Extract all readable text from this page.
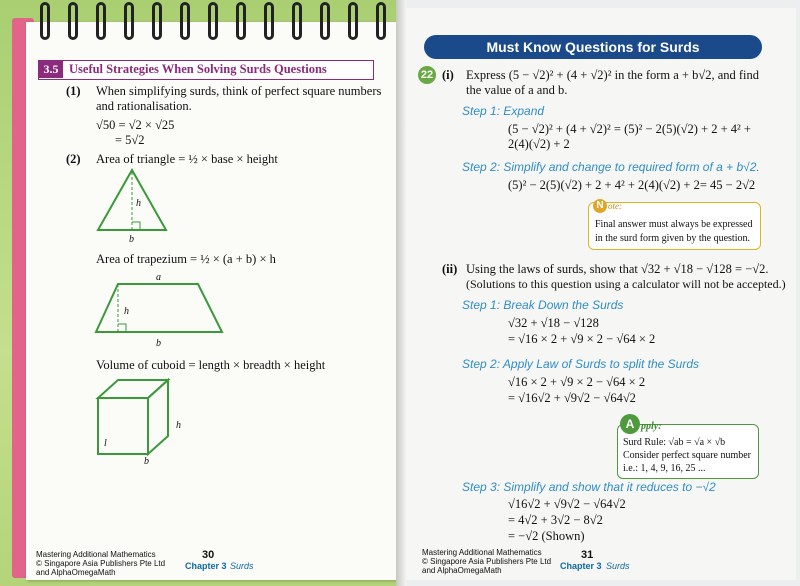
3.5 Useful Strategies When Solving Surds Questions
(1) When simplifying surds, think of perfect square numbers
and rationalisation.
√50 = √2 × √25
= 5√2
(2) Area of triangle = ½ × base × height
h
b
Area of trapezium = ½ × (a + b) × h
a
h
b
Volume of cuboid = length × breadth × height
h
l
b
Mastering Additional Mathematics
© Singapore Asia Publishers Pte Ltd
and AlphaOmegaMath
30
Chapter 3 Surds
Must Know Questions for Surds
22 (i) Express (5 − √2)² + (4 + √2)² in the form a + b√2, and find
the value of a and b.
Step 1: Expand
(5 − √2)² + (4 + √2)² = (5)² − 2(5)(√2) + 2 + 4² +
2(4)(√2) + 2
Step 2: Simplify and change to required form of a + b√2.
(5)² − 2(5)(√2) + 2 + 4² + 2(4)(√2) + 2= 45 − 2√2
N ote:
Final answer must always be expressed
in the surd form given by the question.
(ii) Using the laws of surds, show that √32 + √18 − √128 = −√2.
(Solutions to this question using a calculator will not be accepted.)
Step 1: Break Down the Surds
√32 + √18 − √128
= √16 × 2 + √9 × 2 − √64 × 2
Step 2: Apply Law of Surds to split the Surds
√16 × 2 + √9 × 2 − √64 × 2
= √16√2 + √9√2 − √64√2
A pply:
Surd Rule: √ab = √a × √b
Consider perfect square number
i.e.: 1, 4, 9, 16, 25 ...
Step 3: Simplify and show that it reduces to −√2
√16√2 + √9√2 − √64√2
= 4√2 + 3√2 − 8√2
= −√2 (Shown)
Mastering Additional Mathematics
© Singapore Asia Publishers Pte Ltd
and AlphaOmegaMath
31
Chapter 3 Surds
